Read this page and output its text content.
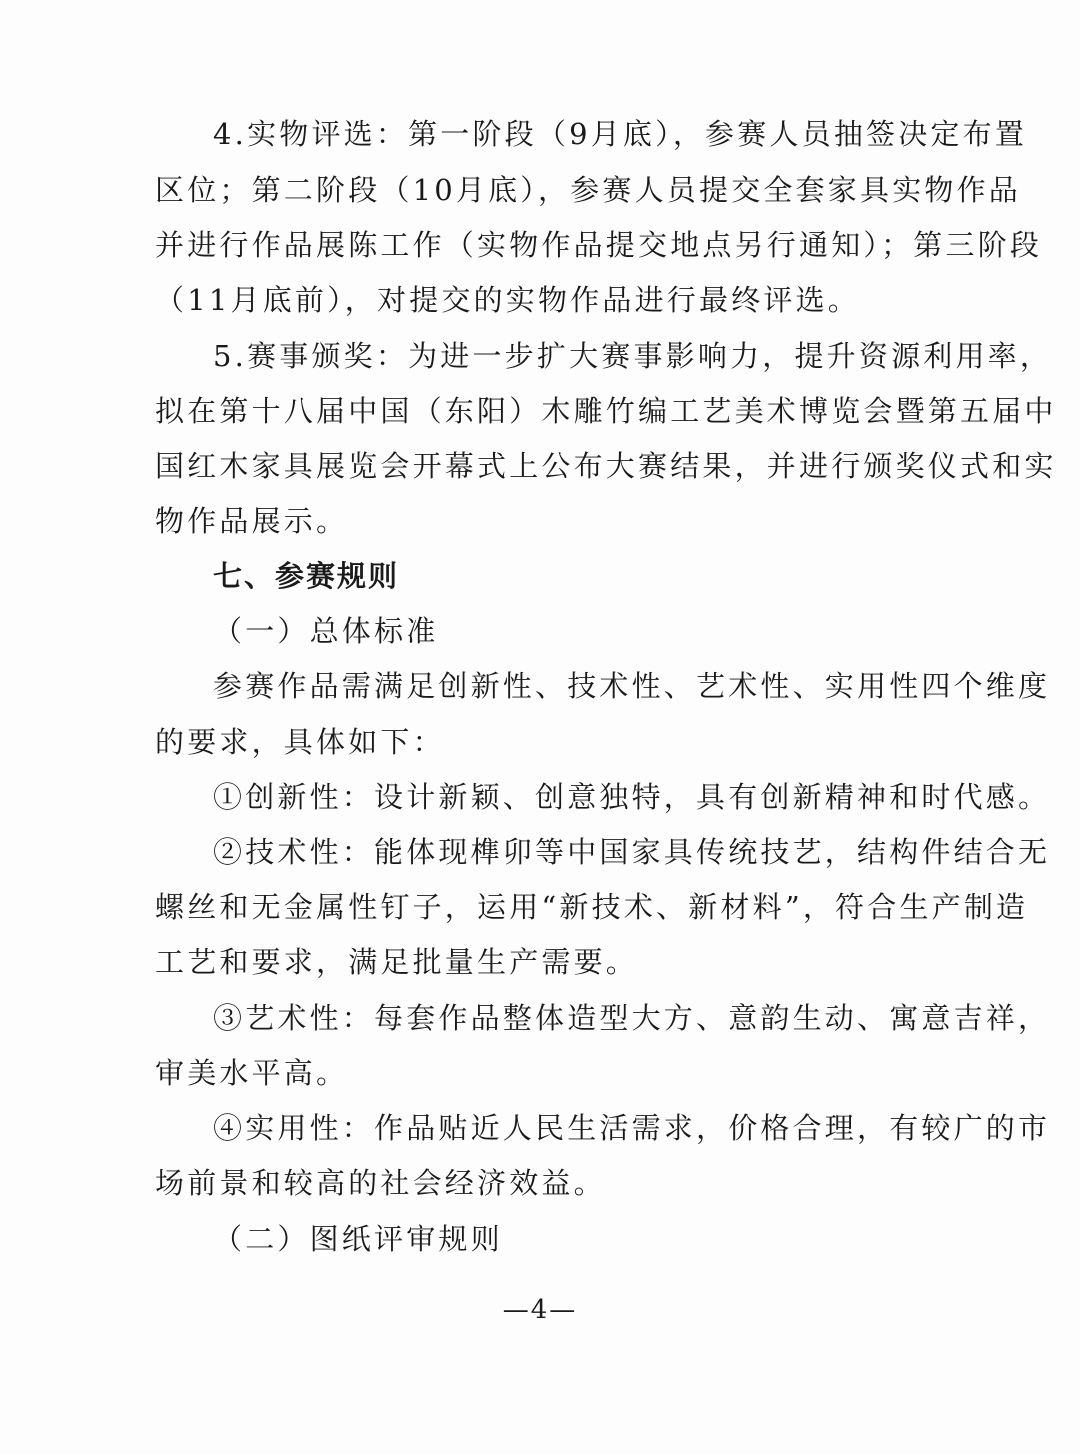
4.实物评选：第一阶段（9月底），参赛人员抽签决定布置
区位；第二阶段（10月底），参赛人员提交全套家具实物作品
并进行作品展陈工作（实物作品提交地点另行通知）；第三阶段
（11月底前），对提交的实物作品进行最终评选。
5.赛事颁奖：为进一步扩大赛事影响力，提升资源利用率，
拟在第十八届中国（东阳）木雕竹编工艺美术博览会暨第五届中
国红木家具展览会开幕式上公布大赛结果，并进行颁奖仪式和实
物作品展示。
七、参赛规则
（一）总体标准
参赛作品需满足创新性、技术性、艺术性、实用性四个维度
的要求，具体如下：
①创新性：设计新颖、创意独特，具有创新精神和时代感。
②技术性：能体现榫卯等中国家具传统技艺，结构件结合无
螺丝和无金属性钉子，运用“新技术、新材料”，符合生产制造
工艺和要求，满足批量生产需要。
③艺术性：每套作品整体造型大方、意韵生动、寓意吉祥，
审美水平高。
④实用性：作品贴近人民生活需求，价格合理，有较广的市
场前景和较高的社会经济效益。
（二）图纸评审规则
—4—
